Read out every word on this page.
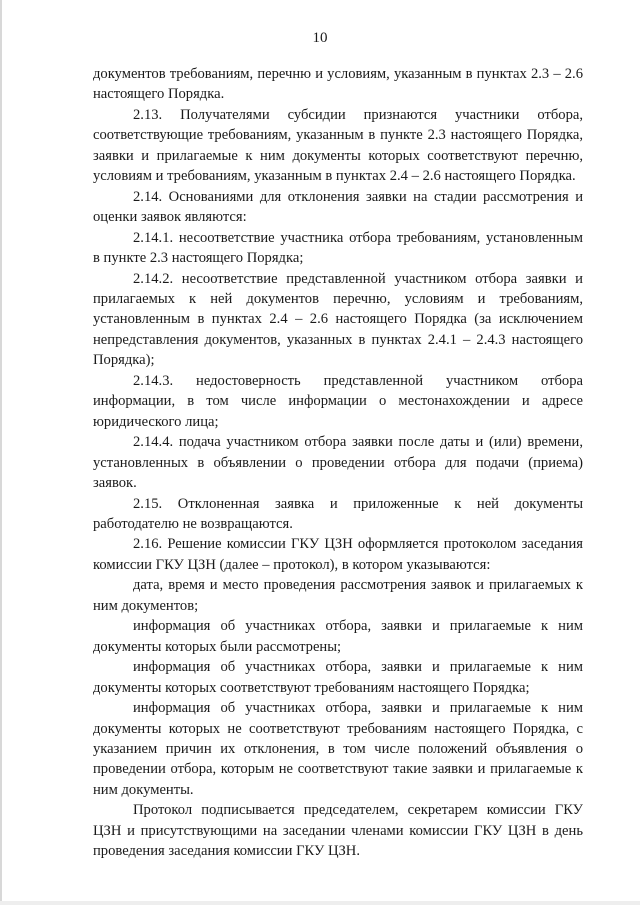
10

документов требованиям, перечню и условиям, указанным в пунктах 2.3 – 2.6 настоящего Порядка.

2.13. Получателями субсидии признаются участники отбора, соответствующие требованиям, указанным в пункте 2.3 настоящего Порядка, заявки и прилагаемые к ним документы которых соответствуют перечню, условиям и требованиям, указанным в пунктах 2.4 – 2.6 настоящего Порядка.

2.14. Основаниями для отклонения заявки на стадии рассмотрения и оценки заявок являются:

2.14.1. несоответствие участника отбора требованиям, установленным в пункте 2.3 настоящего Порядка;

2.14.2. несоответствие представленной участником отбора заявки и прилагаемых к ней документов перечню, условиям и требованиям, установленным в пунктах 2.4 – 2.6 настоящего Порядка (за исключением непредставления документов, указанных в пунктах 2.4.1 – 2.4.3 настоящего Порядка);

2.14.3. недостоверность представленной участником отбора информации, в том числе информации о местонахождении и адресе юридического лица;

2.14.4. подача участником отбора заявки после даты и (или) времени, установленных в объявлении о проведении отбора для подачи (приема) заявок.

2.15. Отклоненная заявка и приложенные к ней документы работодателю не возвращаются.

2.16. Решение комиссии ГКУ ЦЗН оформляется протоколом заседания комиссии ГКУ ЦЗН (далее – протокол), в котором указываются:

дата, время и место проведения рассмотрения заявок и прилагаемых к ним документов;

информация об участниках отбора, заявки и прилагаемые к ним документы которых были рассмотрены;

информация об участниках отбора, заявки и прилагаемые к ним документы которых соответствуют требованиям настоящего Порядка;

информация об участниках отбора, заявки и прилагаемые к ним документы которых не соответствуют требованиям настоящего Порядка, с указанием причин их отклонения, в том числе положений объявления о проведении отбора, которым не соответствуют такие заявки и прилагаемые к ним документы.

Протокол подписывается председателем, секретарем комиссии ГКУ ЦЗН и присутствующими на заседании членами комиссии ГКУ ЦЗН в день проведения заседания комиссии ГКУ ЦЗН.
